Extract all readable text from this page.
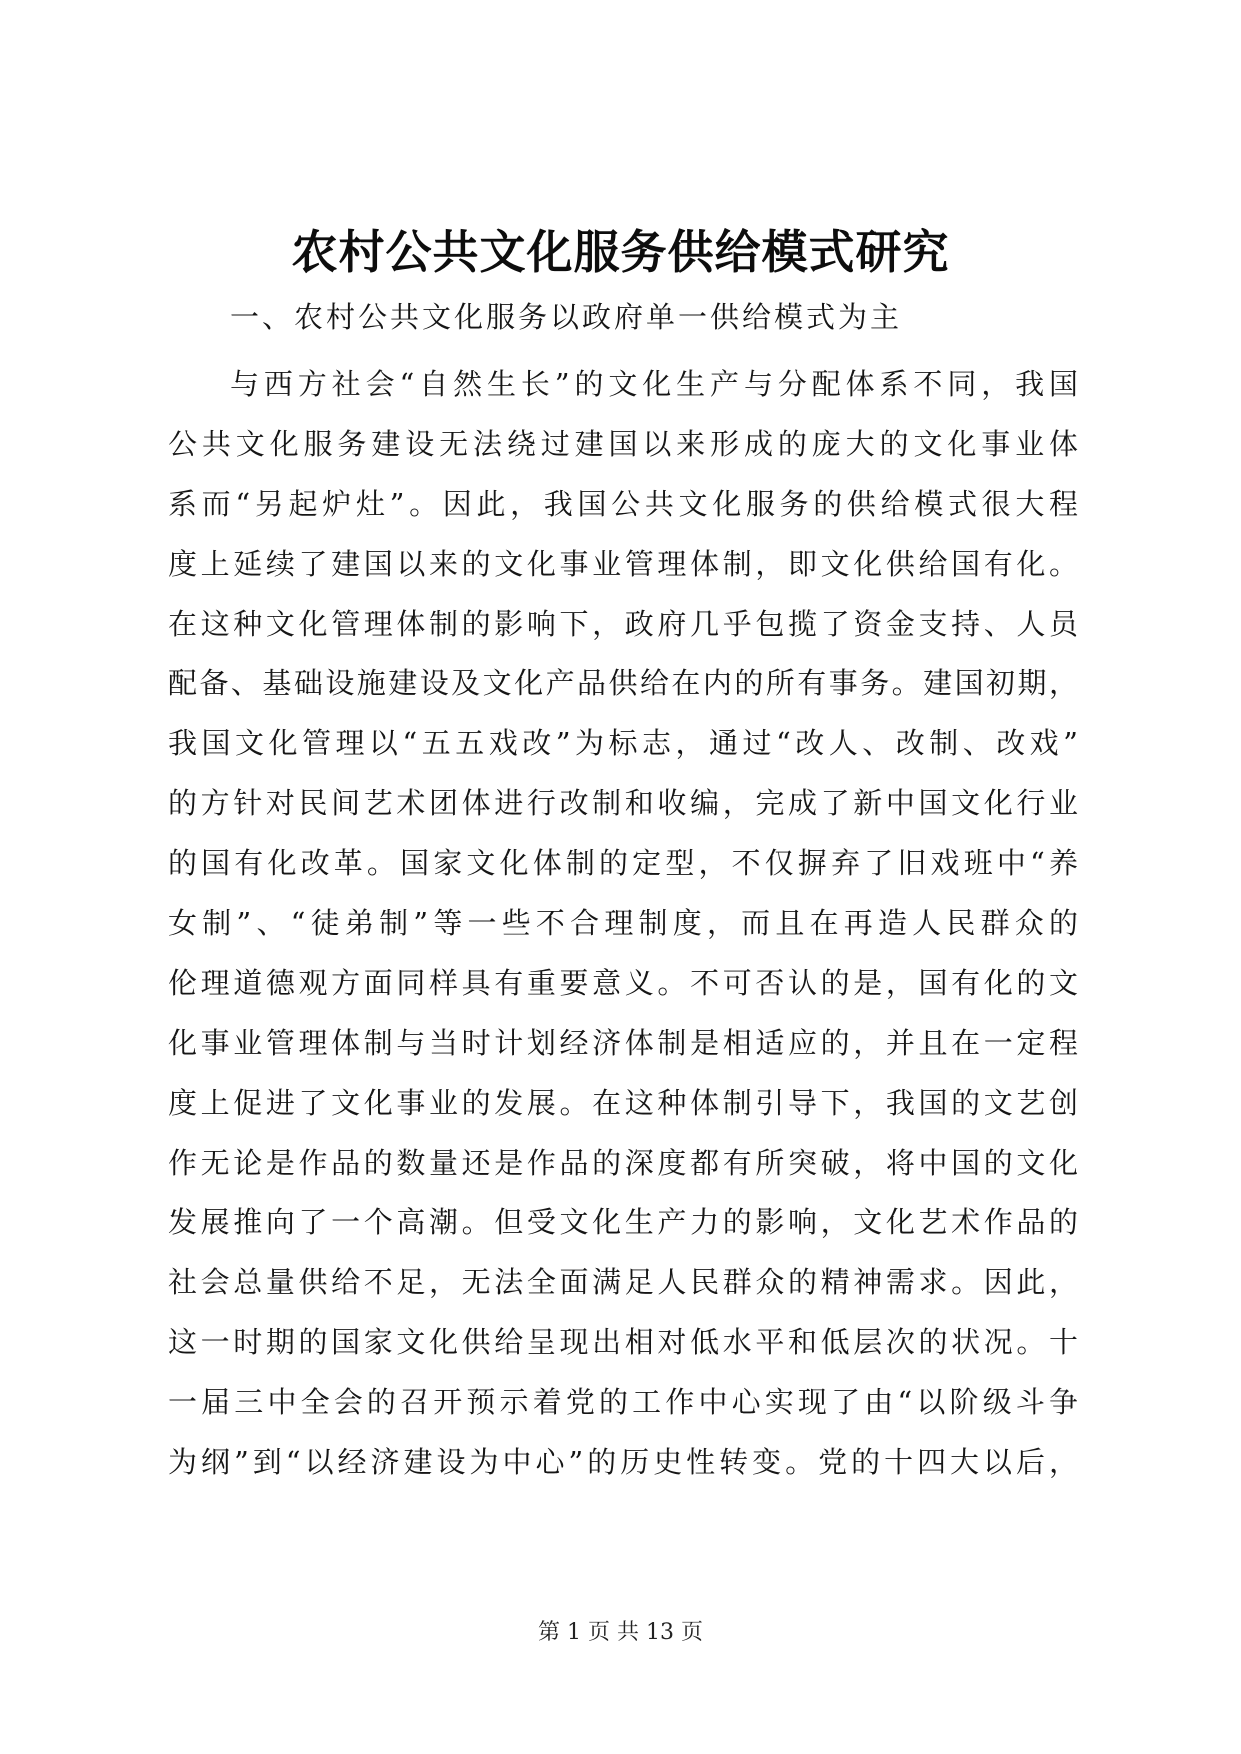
农村公共文化服务供给模式研究
一、农村公共文化服务以政府单一供给模式为主
与西方社会“自然生长”的文化生产与分配体系不同，我国
公共文化服务建设无法绕过建国以来形成的庞大的文化事业体
系而“另起炉灶”。因此，我国公共文化服务的供给模式很大程
度上延续了建国以来的文化事业管理体制，即文化供给国有化。
在这种文化管理体制的影响下，政府几乎包揽了资金支持、人员
配备、基础设施建设及文化产品供给在内的所有事务。建国初期，
我国文化管理以“五五戏改”为标志，通过“改人、改制、改戏”
的方针对民间艺术团体进行改制和收编，完成了新中国文化行业
的国有化改革。国家文化体制的定型，不仅摒弃了旧戏班中“养
女制”、“徒弟制”等一些不合理制度，而且在再造人民群众的
伦理道德观方面同样具有重要意义。不可否认的是，国有化的文
化事业管理体制与当时计划经济体制是相适应的，并且在一定程
度上促进了文化事业的发展。在这种体制引导下，我国的文艺创
作无论是作品的数量还是作品的深度都有所突破，将中国的文化
发展推向了一个高潮。但受文化生产力的影响，文化艺术作品的
社会总量供给不足，无法全面满足人民群众的精神需求。因此，
这一时期的国家文化供给呈现出相对低水平和低层次的状况。十
一届三中全会的召开预示着党的工作中心实现了由“以阶级斗争
为纲”到“以经济建设为中心”的历史性转变。党的十四大以后，
第 1 页 共 13 页
